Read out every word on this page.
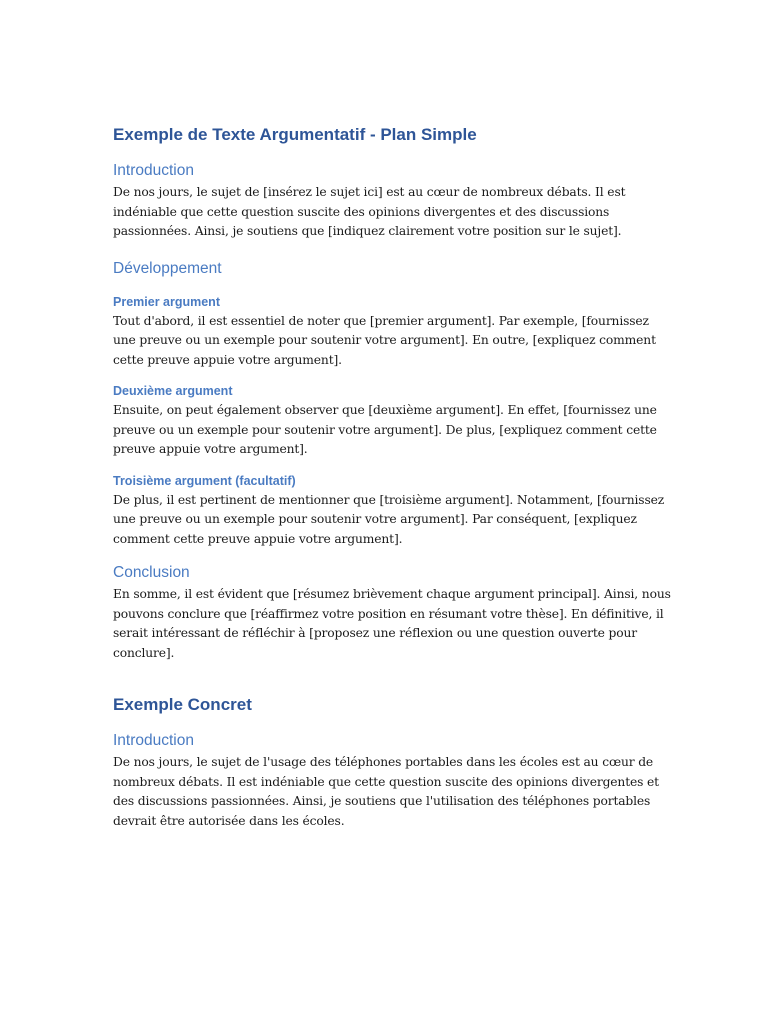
Exemple de Texte Argumentatif - Plan Simple
Introduction

De nos jours, le sujet de [insérez le sujet ici] est au cœur de nombreux débats. Il est indéniable que cette question suscite des opinions divergentes et des discussions passionnées. Ainsi, je soutiens que [indiquez clairement votre position sur le sujet].

Développement
Premier argument

Tout d'abord, il est essentiel de noter que [premier argument]. Par exemple, [fournissez une preuve ou un exemple pour soutenir votre argument]. En outre, [expliquez comment cette preuve appuie votre argument].

Deuxième argument

Ensuite, on peut également observer que [deuxième argument]. En effet, [fournissez une preuve ou un exemple pour soutenir votre argument]. De plus, [expliquez comment cette preuve appuie votre argument].

Troisième argument (facultatif)

De plus, il est pertinent de mentionner que [troisième argument]. Notamment, [fournissez une preuve ou un exemple pour soutenir votre argument]. Par conséquent, [expliquez comment cette preuve appuie votre argument].

Conclusion

En somme, il est évident que [résumez brièvement chaque argument principal]. Ainsi, nous pouvons conclure que [réaffirmez votre position en résumant votre thèse]. En définitive, il serait intéressant de réfléchir à [proposez une réflexion ou une question ouverte pour conclure].

Exemple Concret
Introduction

De nos jours, le sujet de l'usage des téléphones portables dans les écoles est au cœur de nombreux débats. Il est indéniable que cette question suscite des opinions divergentes et des discussions passionnées. Ainsi, je soutiens que l'utilisation des téléphones portables devrait être autorisée dans les écoles.
